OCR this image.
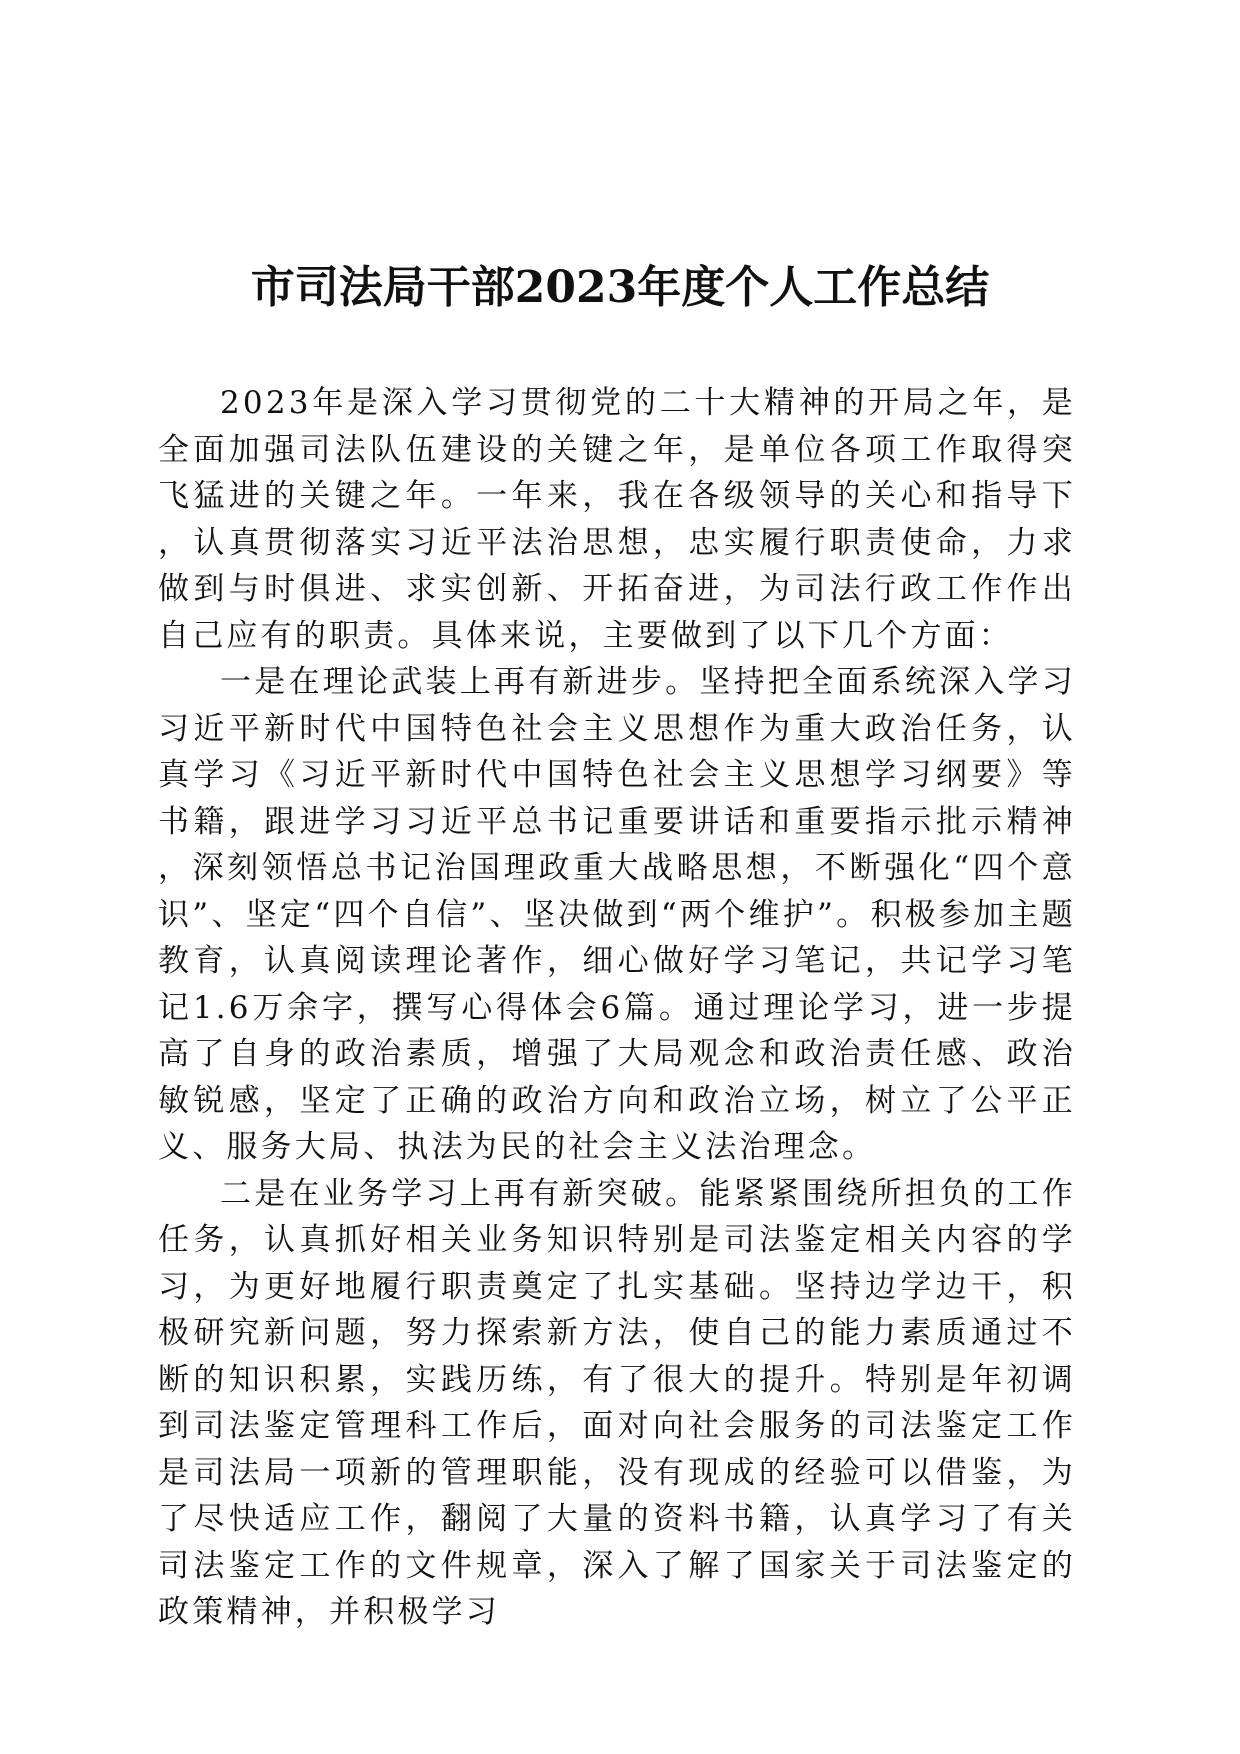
市司法局干部2023年度个人工作总结

2023年是深入学习贯彻党的二十大精神的开局之年，是全面加强司法队伍建设的关键之年，是单位各项工作取得突飞猛进的关键之年。一年来，我在各级领导的关心和指导下，认真贯彻落实习近平法治思想，忠实履行职责使命，力求做到与时俱进、求实创新、开拓奋进，为司法行政工作作出自己应有的职责。具体来说，主要做到了以下几个方面：

一是在理论武装上再有新进步。坚持把全面系统深入学习习近平新时代中国特色社会主义思想作为重大政治任务，认真学习《习近平新时代中国特色社会主义思想学习纲要》等书籍，跟进学习习近平总书记重要讲话和重要指示批示精神，深刻领悟总书记治国理政重大战略思想，不断强化“四个意识”、坚定“四个自信”、坚决做到“两个维护”。积极参加主题教育，认真阅读理论著作，细心做好学习笔记，共记学习笔记1.6万余字，撰写心得体会6篇。通过理论学习，进一步提高了自身的政治素质，增强了大局观念和政治责任感、政治敏锐感，坚定了正确的政治方向和政治立场，树立了公平正义、服务大局、执法为民的社会主义法治理念。

二是在业务学习上再有新突破。能紧紧围绕所担负的工作任务，认真抓好相关业务知识特别是司法鉴定相关内容的学习，为更好地履行职责奠定了扎实基础。坚持边学边干，积极研究新问题，努力探索新方法，使自己的能力素质通过不断的知识积累，实践历练，有了很大的提升。特别是年初调到司法鉴定管理科工作后，面对向社会服务的司法鉴定工作是司法局一项新的管理职能，没有现成的经验可以借鉴，为了尽快适应工作，翻阅了大量的资料书籍，认真学习了有关司法鉴定工作的文件规章，深入了解了国家关于司法鉴定的政策精神，并积极学习
